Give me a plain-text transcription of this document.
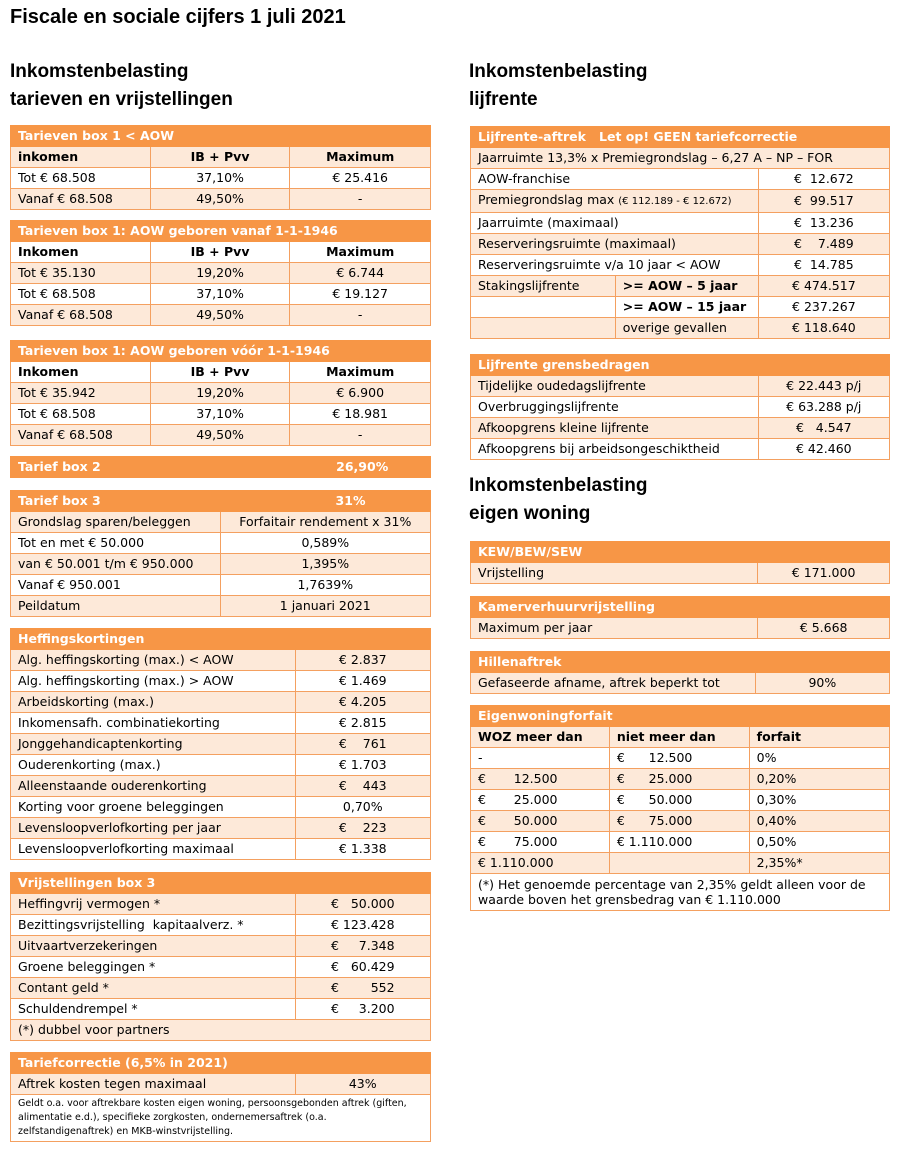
Fiscale en sociale cijfers 1 juli 2021
Inkomstenbelasting
tarieven en vrijstellingen
Inkomstenbelasting
lijfrente
Inkomstenbelasting
eigen woning
Tarieven box 1 < AOW		
inkomen	IB + Pvv	Maximum
Tot € 68.508	37,10%	€ 25.416
Vanaf € 68.508	49,50%	-
Tarieven box 1: AOW geboren vanaf 1-1-1946		
Inkomen	IB + Pvv	Maximum
Tot € 35.130	19,20%	€ 6.744
Tot € 68.508	37,10%	€ 19.127
Vanaf € 68.508	49,50%	-
Tarieven box 1: AOW geboren vóór 1-1-1946		
Inkomen	IB + Pvv	Maximum
Tot € 35.942	19,20%	€ 6.900
Tot € 68.508	37,10%	€ 18.981
Vanaf € 68.508	49,50%	-
Tarief box 2	26,90%
Tarief box 3	31%
Grondslag sparen/beleggen	Forfaitair rendement x 31%
Tot en met € 50.000	0,589%
van € 50.001 t/m € 950.000	1,395%
Vanaf € 950.001	1,7639%
Peildatum	1 januari 2021
Heffingskortingen	
Alg. heffingskorting (max.) < AOW	€ 2.837
Alg. heffingskorting (max.) > AOW	€ 1.469
Arbeidskorting (max.)	€ 4.205
Inkomensafh. combinatiekorting	€ 2.815
Jonggehandicaptenkorting	€    761
Ouderenkorting (max.)	€ 1.703
Alleenstaande ouderenkorting	€    443
Korting voor groene beleggingen	0,70%
Levensloopverlofkorting per jaar	€    223
Levensloopverlofkorting maximaal	€ 1.338
Vrijstellingen box 3	
Heffingvrij vermogen *	€   50.000
Bezittingsvrijstelling  kapitaalverz. *	€ 123.428
Uitvaartverzekeringen	€     7.348
Groene beleggingen *	€   60.429
Contant geld *	€        552
Schuldendrempel *	€     3.200
(*) dubbel voor partners	
Tariefcorrectie (6,5% in 2021)
Aftrek kosten tegen maximaal	43%
Geldt o.a. voor aftrekbare kosten eigen woning, persoonsgebonden aftrek (giften, alimentatie e.d.), specifieke zorgkosten, ondernemersaftrek (o.a. zelfstandigenaftrek) en MKB-winstvrijstelling.
Lijfrente-aftrek   Let op! GEEN tariefcorrectie		
Jaarruimte 13,3% x Premiegrondslag – 6,27 A – NP – FOR		
AOW-franchise		€  12.672
Premiegrondslag max (€ 112.189 - € 12.672)		€  99.517
Jaarruimte (maximaal)		€  13.236
Reserveringsruimte (maximaal)		€    7.489
Reserveringsruimte v/a 10 jaar < AOW		€  14.785
Stakingslijfrente	>= AOW – 5 jaar	€ 474.517
	>= AOW – 15 jaar	€ 237.267
	overige gevallen	€ 118.640
Lijfrente grensbedragen	
Tijdelijke oudedagslijfrente	€ 22.443 p/j
Overbruggingslijfrente	€ 63.288 p/j
Afkoopgrens kleine lijfrente	€   4.547
Afkoopgrens bij arbeidsongeschiktheid	€ 42.460
KEW/BEW/SEW
Vrijstelling	€ 171.000
Kamerverhuurvrijstelling
Maximum per jaar	€ 5.668
Hillenaftrek
Gefaseerde afname, aftrek beperkt tot	90%
Eigenwoningforfait		
WOZ meer dan	niet meer dan	forfait
-	€      12.500	0%
€       12.500	€      25.000	0,20%
€       25.000	€      50.000	0,30%
€       50.000	€      75.000	0,40%
€       75.000	€ 1.110.000	0,50%
€ 1.110.000		2,35%*
(*) Het genoemde percentage van 2,35% geldt alleen voor de waarde boven het grensbedrag van € 1.110.000		
